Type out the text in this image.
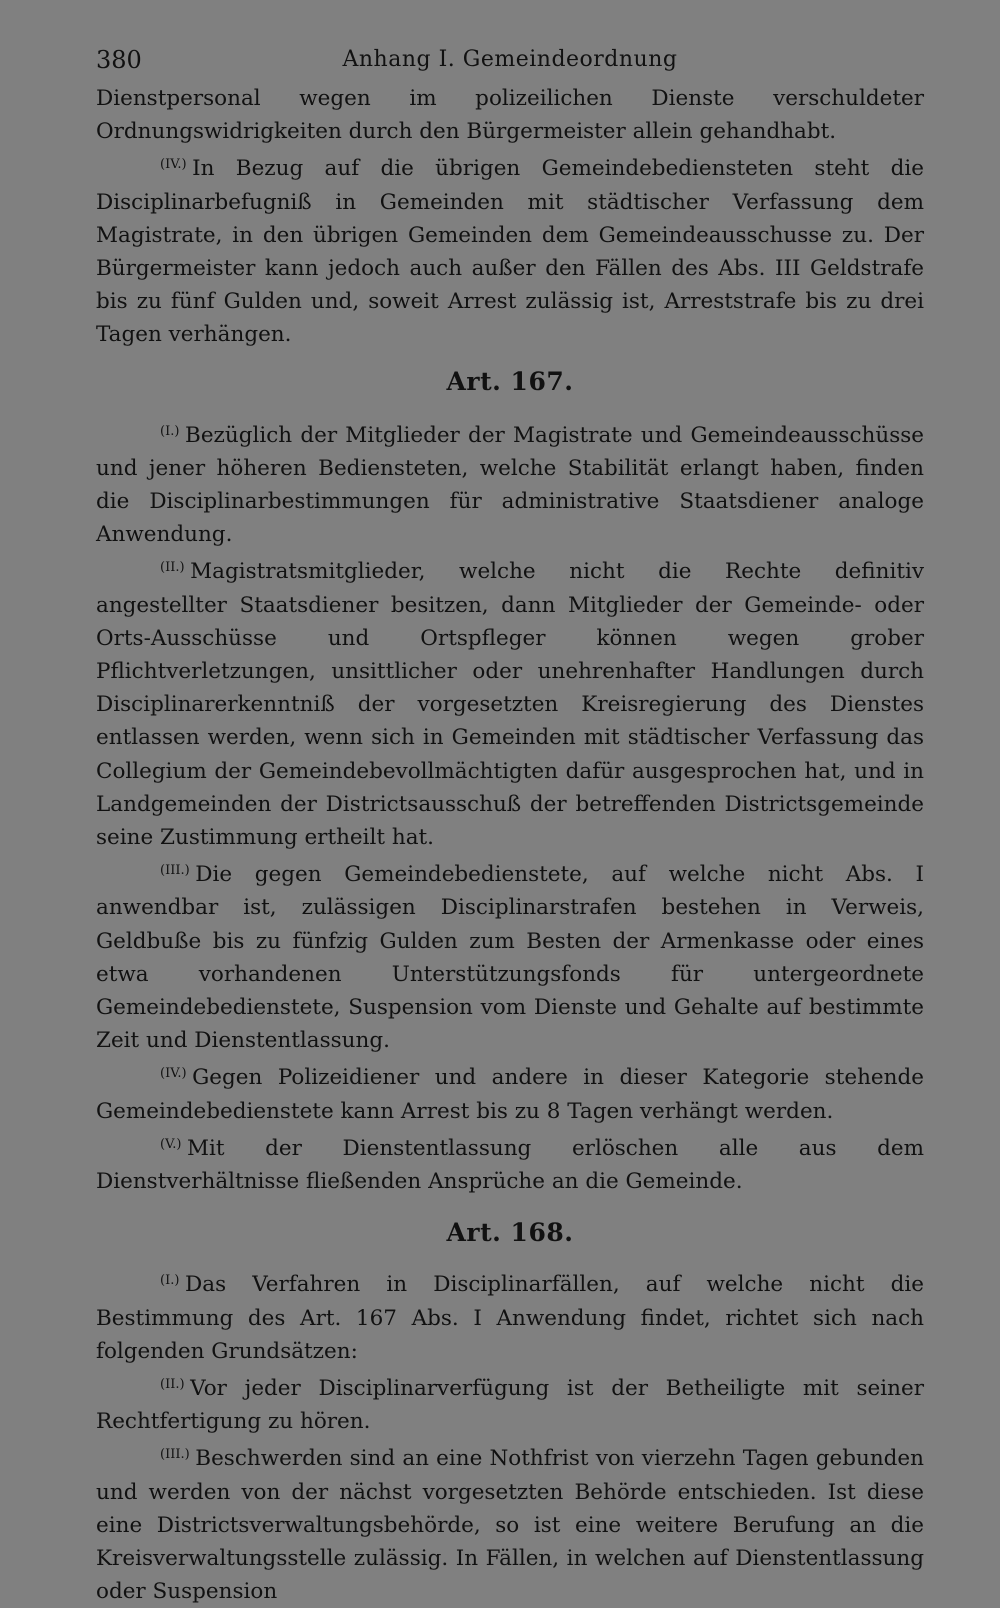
380	Anhang I. Gemeindeordnung

Dienstpersonal wegen im polizeilichen Dienste verschuldeter Ordnungswidrigkeiten durch den Bürgermeister allein gehandhabt.

$^{(IV.)}$ In Bezug auf die übrigen Gemeindebediensteten steht die Disciplinarbefugniß in Gemeinden mit städtischer Verfassung dem Magistrate, in den übrigen Gemeinden dem Gemeindeausschusse zu. Der Bürgermeister kann jedoch auch außer den Fällen des Abs. III Geldstrafe bis zu fünf Gulden und, soweit Arrest zulässig ist, Arreststrafe bis zu drei Tagen verhängen.

Art. 167.

$^{(I.)}$ Bezüglich der Mitglieder der Magistrate und Gemeindeausschüsse und jener höheren Bediensteten, welche Stabilität erlangt haben, finden die Disciplinarbestimmungen für administrative Staatsdiener analoge Anwendung.

$^{(II.)}$ Magistratsmitglieder, welche nicht die Rechte definitiv angestellter Staatsdiener besitzen, dann Mitglieder der Gemeinde- oder Orts-Ausschüsse und Ortspfleger können wegen grober Pflichtverletzungen, unsittlicher oder unehrenhafter Handlungen durch Disciplinarerkenntniß der vorgesetzten Kreisregierung des Dienstes entlassen werden, wenn sich in Gemeinden mit städtischer Verfassung das Collegium der Gemeindebevollmächtigten dafür ausgesprochen hat, und in Landgemeinden der Districtsausschuß der betreffenden Districtsgemeinde seine Zustimmung ertheilt hat.

$^{(III.)}$ Die gegen Gemeindebedienstete, auf welche nicht Abs. I anwendbar ist, zulässigen Disciplinarstrafen bestehen in Verweis, Geldbuße bis zu fünfzig Gulden zum Besten der Armenkasse oder eines etwa vorhandenen Unterstützungsfonds für untergeordnete Gemeindebedienstete, Suspension vom Dienste und Gehalte auf bestimmte Zeit und Dienstentlassung.

$^{(IV.)}$ Gegen Polizeidiener und andere in dieser Kategorie stehende Gemeindebedienstete kann Arrest bis zu 8 Tagen verhängt werden.

$^{(V.)}$ Mit der Dienstentlassung erlöschen alle aus dem Dienstverhältnisse fließenden Ansprüche an die Gemeinde.

Art. 168.

$^{(I.)}$ Das Verfahren in Disciplinarfällen, auf welche nicht die Bestimmung des Art. 167 Abs. I Anwendung findet, richtet sich nach folgenden Grundsätzen:

$^{(II.)}$ Vor jeder Disciplinarverfügung ist der Betheiligte mit seiner Rechtfertigung zu hören.

$^{(III.)}$ Beschwerden sind an eine Nothfrist von vierzehn Tagen gebunden und werden von der nächst vorgesetzten Behörde entschieden. Ist diese eine Districtsverwaltungsbehörde, so ist eine weitere Berufung an die Kreisverwaltungsstelle zulässig. In Fällen, in welchen auf Dienstentlassung oder Suspension
